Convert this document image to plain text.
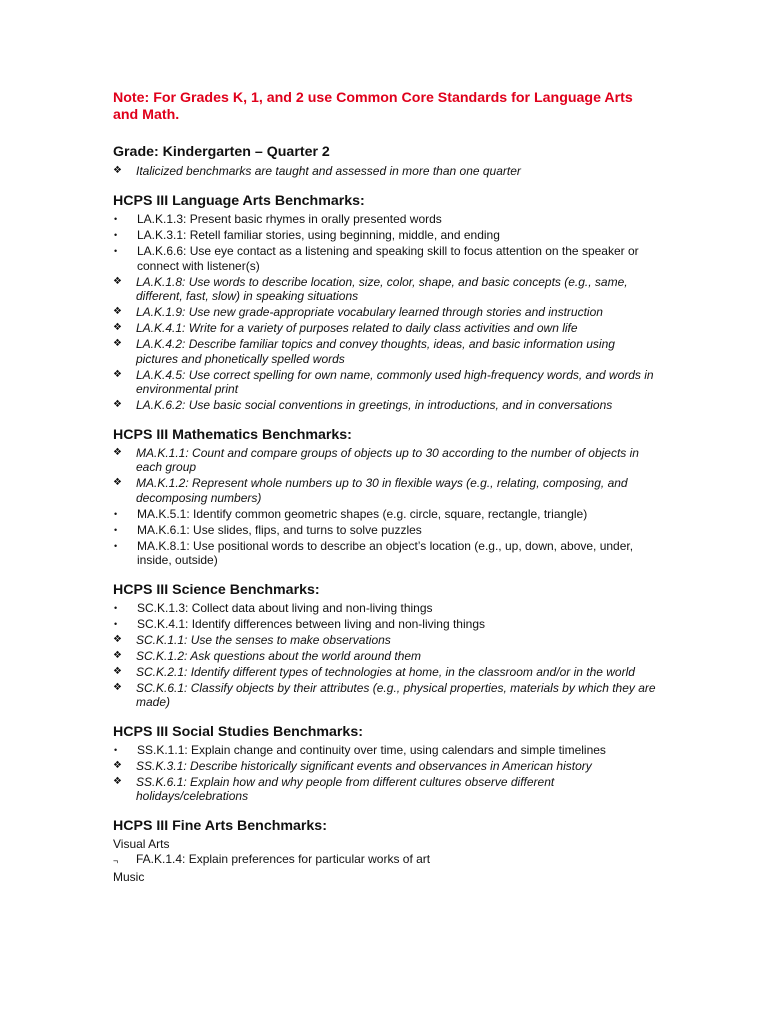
Note: For Grades K, 1, and 2 use Common Core Standards for Language Arts and Math.
Grade: Kindergarten – Quarter 2
❖	Italicized benchmarks are taught and assessed in more than one quarter
HCPS III Language Arts Benchmarks:
•	LA.K.1.3: Present basic rhymes in orally presented words
•	LA.K.3.1: Retell familiar stories, using beginning, middle, and ending
•	LA.K.6.6: Use eye contact as a listening and speaking skill to focus attention on the speaker or connect with listener(s)
❖	LA.K.1.8: Use words to describe location, size, color, shape, and basic concepts (e.g., same, different, fast, slow) in speaking situations
❖	LA.K.1.9: Use new grade-appropriate vocabulary learned through stories and instruction
❖	LA.K.4.1: Write for a variety of purposes related to daily class activities and own life
❖	LA.K.4.2: Describe familiar topics and convey thoughts, ideas, and basic information using pictures and phonetically spelled words
❖	LA.K.4.5: Use correct spelling for own name, commonly used high-frequency words, and words in environmental print
❖	LA.K.6.2: Use basic social conventions in greetings, in introductions, and in conversations
HCPS III Mathematics Benchmarks:
❖	MA.K.1.1: Count and compare groups of objects up to 30 according to the number of objects in each group
❖	MA.K.1.2: Represent whole numbers up to 30 in flexible ways (e.g., relating, composing, and decomposing numbers)
•	MA.K.5.1: Identify common geometric shapes (e.g. circle, square, rectangle, triangle)
•	MA.K.6.1: Use slides, flips, and turns to solve puzzles
•	MA.K.8.1: Use positional words to describe an object’s location (e.g., up, down, above, under, inside, outside)
HCPS III Science Benchmarks:
•	SC.K.1.3: Collect data about living and non-living things
•	SC.K.4.1: Identify differences between living and non-living things
❖	SC.K.1.1: Use the senses to make observations
❖	SC.K.1.2: Ask questions about the world around them
❖	SC.K.2.1: Identify different types of technologies at home, in the classroom and/or in the world
❖	SC.K.6.1: Classify objects by their attributes (e.g., physical properties, materials by which they are made)
HCPS III Social Studies Benchmarks:
•	SS.K.1.1: Explain change and continuity over time, using calendars and simple timelines
❖	SS.K.3.1: Describe historically significant events and observances in American history
❖	SS.K.6.1: Explain how and why people from different cultures observe different holidays/celebrations
HCPS III Fine Arts Benchmarks:
Visual Arts
¬	FA.K.1.4: Explain preferences for particular works of art
Music
